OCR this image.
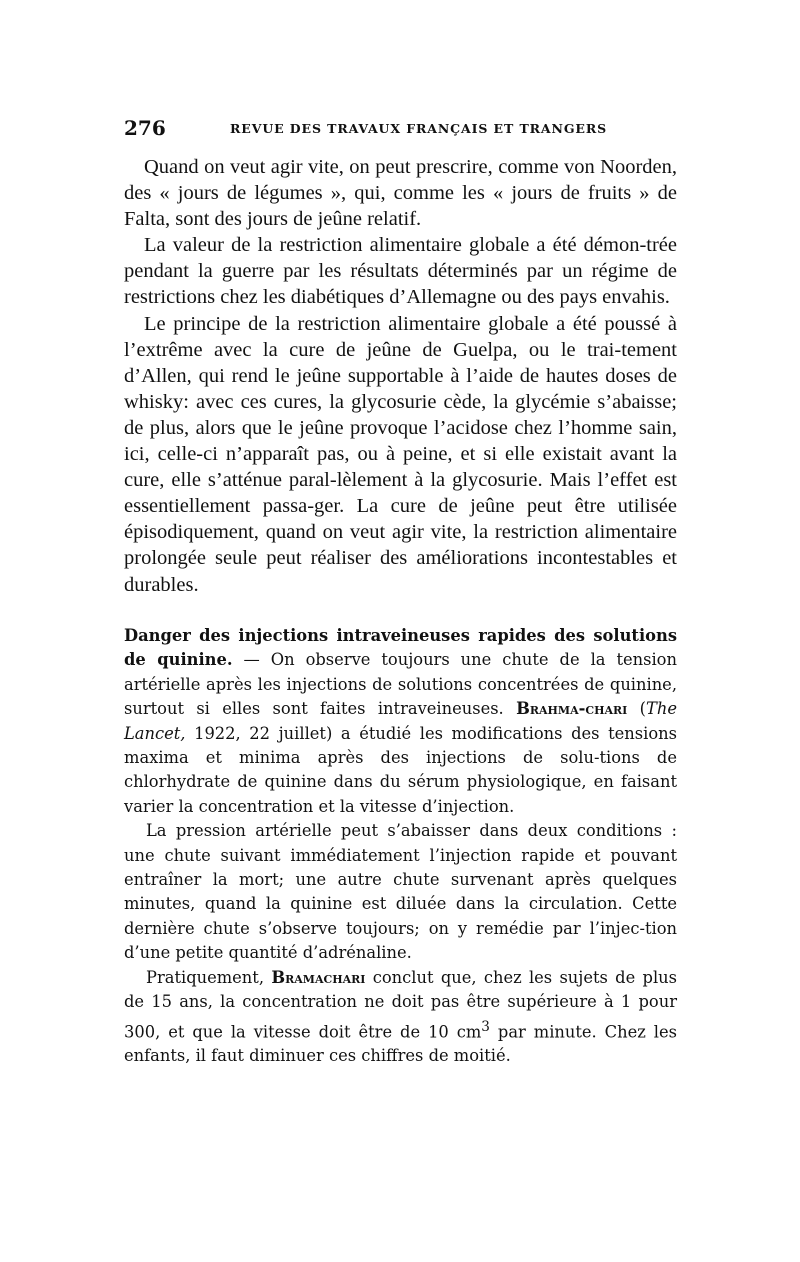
276	REVUE DES TRAVAUX FRANÇAIS ET TRANGERS

Quand on veut agir vite, on peut prescrire, comme von Noorden, des « jours de légumes », qui, comme les « jours de fruits » de Falta, sont des jours de jeûne relatif.

La valeur de la restriction alimentaire globale a été démon-trée pendant la guerre par les résultats déterminés par un régime de restrictions chez les diabétiques d’Allemagne ou des pays envahis.

Le principe de la restriction alimentaire globale a été poussé à l’extrême avec la cure de jeûne de Guelpa, ou le trai-tement d’Allen, qui rend le jeûne supportable à l’aide de hautes doses de whisky: avec ces cures, la glycosurie cède, la glycémie s’abaisse; de plus, alors que le jeûne provoque l’acidose chez l’homme sain, ici, celle-ci n’apparaît pas, ou à peine, et si elle existait avant la cure, elle s’atténue paral-lèlement à la glycosurie. Mais l’effet est essentiellement passa-ger. La cure de jeûne peut être utilisée épisodiquement, quand on veut agir vite, la restriction alimentaire prolongée seule peut réaliser des améliorations incontestables et durables.

Danger des injections intraveineuses rapides des solutions de quinine. — On observe toujours une chute de la tension artérielle après les injections de solutions concentrées de quinine, surtout si elles sont faites intraveineuses. Brahma-chari (The Lancet, 1922, 22 juillet) a étudié les modifications des tensions maxima et minima après des injections de solu-tions de chlorhydrate de quinine dans du sérum physiologique, en faisant varier la concentration et la vitesse d’injection.

La pression artérielle peut s’abaisser dans deux conditions : une chute suivant immédiatement l’injection rapide et pouvant entraîner la mort; une autre chute survenant après quelques minutes, quand la quinine est diluée dans la circulation. Cette dernière chute s’observe toujours; on y remédie par l’injec-tion d’une petite quantité d’adrénaline.

Pratiquement, Bramachari conclut que, chez les sujets de plus de 15 ans, la concentration ne doit pas être supérieure à 1 pour 300, et que la vitesse doit être de 10 $cm^3$ par minute. Chez les enfants, il faut diminuer ces chiffres de moitié.
